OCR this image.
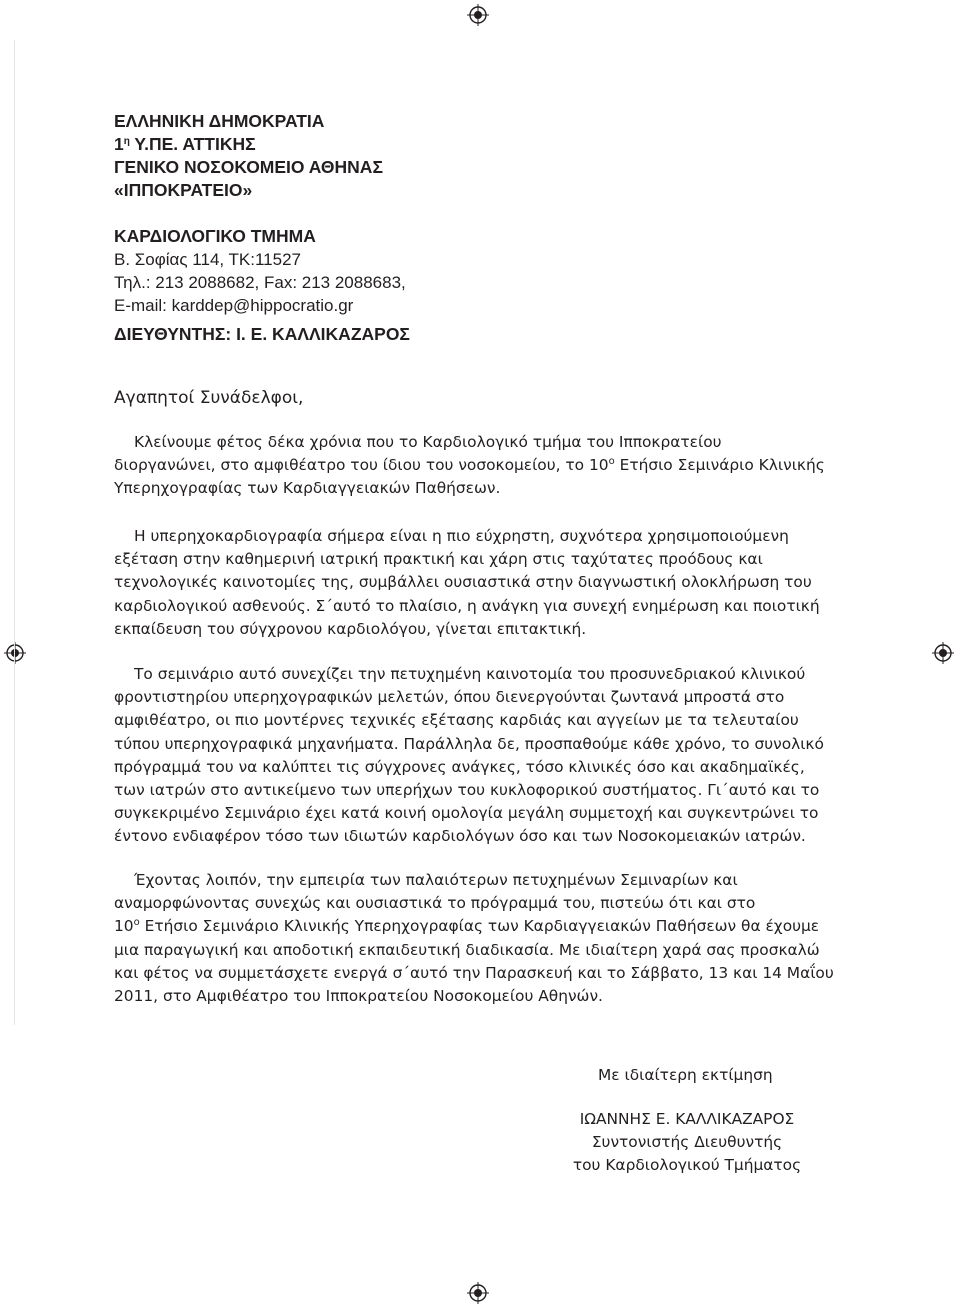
ΕΛΛΗΝΙΚΗ ΔΗΜΟΚΡΑΤΙΑ

$1^\eta$ Υ.ΠΕ. ΑΤΤΙΚΗΣ

ΓΕΝΙΚΟ ΝΟΣΟΚΟΜΕΙΟ ΑΘΗΝΑΣ

«ΙΠΠΟΚΡΑΤΕΙΟ»

ΚΑΡΔΙΟΛΟΓΙΚΟ ΤΜΗΜΑ

Β. Σοφίας 114, ΤΚ:11527

Τηλ.: 213 2088682, Fax: 213 2088683,

E-mail: karddep@hippocratio.gr

ΔΙΕΥΘΥΝΤΗΣ: Ι. Ε. ΚΑΛΛΙΚΑΖΑΡΟΣ

Αγαπητοί Συνάδελφοι,

Κλείνουμε φέτος δέκα χρόνια που το Καρδιολογικό τμήμα του Ιπποκρατείου
διοργανώνει, στο αμφιθέατρο του ίδιου του νοσοκομείου, το $10^o$ Ετήσιο Σεμινάριο Κλινικής
Υπερηχογραφίας των Καρδιαγγειακών Παθήσεων.

Η υπερηχοκαρδιογραφία σήμερα είναι η πιο εύχρηστη, συχνότερα χρησιμοποιούμενη
εξέταση στην καθημερινή ιατρική πρακτική και χάρη στις ταχύτατες προόδους και
τεχνολογικές καινοτομίες της, συμβάλλει ουσιαστικά στην διαγνωστική ολοκλήρωση του
καρδιολογικού ασθενούς. Σ΄αυτό το πλαίσιο, η ανάγκη για συνεχή ενημέρωση και ποιοτική
εκπαίδευση του σύγχρονου καρδιολόγου, γίνεται επιτακτική.

Το σεμινάριο αυτό συνεχίζει την πετυχημένη καινοτομία του προσυνεδριακού κλινικού
φροντιστηρίου υπερηχογραφικών μελετών, όπου διενεργούνται ζωντανά μπροστά στο
αμφιθέατρο, οι πιο μοντέρνες τεχνικές εξέτασης καρδιάς και αγγείων με τα τελευταίου
τύπου υπερηχογραφικά μηχανήματα. Παράλληλα δε, προσπαθούμε κάθε χρόνο, το συνολικό
πρόγραμμά του να καλύπτει τις σύγχρονες ανάγκες, τόσο κλινικές όσο και ακαδημαϊκές,
των ιατρών στο αντικείμενο των υπερήχων του κυκλοφορικού συστήματος. Γι΄αυτό και το
συγκεκριμένο Σεμινάριο έχει κατά κοινή ομολογία μεγάλη συμμετοχή και συγκεντρώνει το
έντονο ενδιαφέρον τόσο των ιδιωτών καρδιολόγων όσο και των Νοσοκομειακών ιατρών.

Έχοντας λοιπόν, την εμπειρία των παλαιότερων πετυχημένων Σεμιναρίων και
αναμορφώνοντας συνεχώς και ουσιαστικά το πρόγραμμά του, πιστεύω ότι και στο
$10^o$ Ετήσιο Σεμινάριο Κλινικής Υπερηχογραφίας των Καρδιαγγειακών Παθήσεων θα έχουμε
μια παραγωγική και αποδοτική εκπαιδευτική διαδικασία. Με ιδιαίτερη χαρά σας προσκαλώ
και φέτος να συμμετάσχετε ενεργά σ΄αυτό την Παρασκευή και το Σάββατο, 13 και 14 Μαΐου
2011, στο Αμφιθέατρο του Ιπποκρατείου Νοσοκομείου Αθηνών.

Με ιδιαίτερη εκτίμηση
ΙΩΑΝΝΗΣ Ε. ΚΑΛΛΙΚΑΖΑΡΟΣ
Συντονιστής Διευθυντής
του Καρδιολογικού Τμήματος
